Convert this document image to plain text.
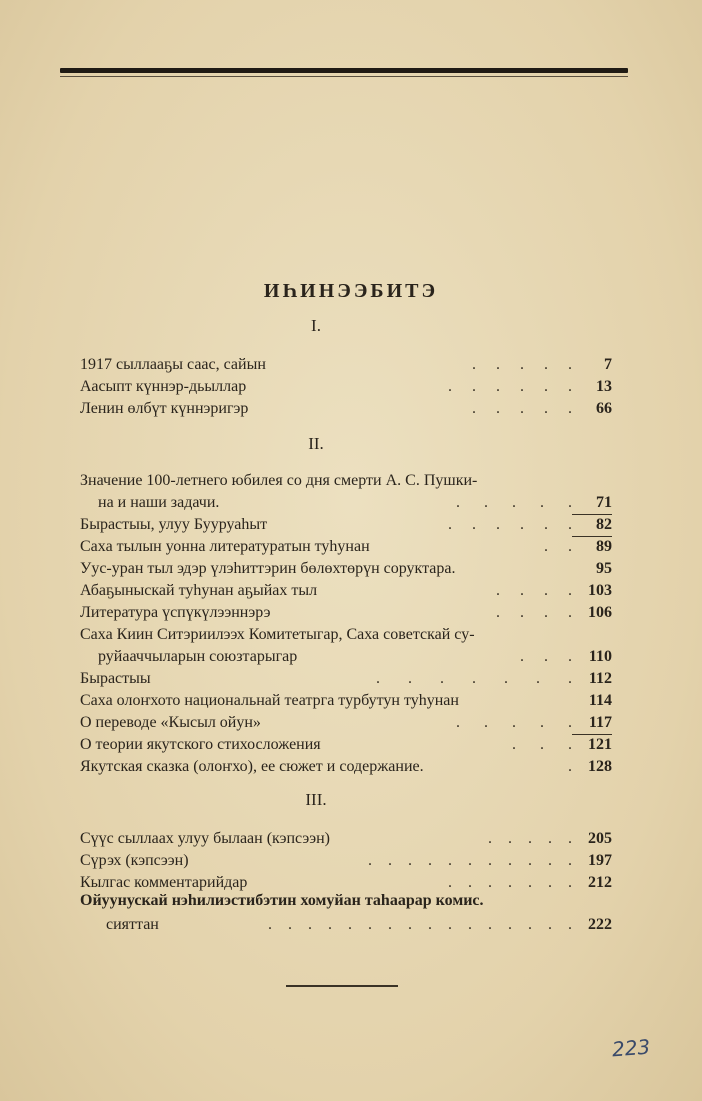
ИҺИНЭЭБИТЭ
I.
.     .     .     .     .
1917 сыллааҕы саас, сайын	7
.     .     .     .     .     .
Аасыпт күннэр-дьыллар	13
.     .     .     .     .
Ленин өлбүт күннэригэр	66
II.
Значение 100-летнего юбилея со дня смерти А. С. Пушки-
.      .      .      .      .
на и наши задачи.	71
.     .     .     .     .     .
Бырастыы, улуу Бууруаһыт	82
.     .
Саха тылын уонна литературатын туһунан	89
Уус-уран тыл эдэр үлэһиттэрин бөлөхтөрүн соруктара.	95
.     .     .     .
Абаҕыныскай туһунан аҕыйах тыл	103
.     .     .     .
Литература үспүкүлээннэрэ	106
Саха Киин Ситэриилээх Комитетыгар, Саха советскай су-
.     .     .
руйааччыларын союзтарыгар	110
.       .       .       .       .       .       .
Бырастыы	112
Саха олоҥхото национальнай театрга турбутун туһунан	114
.      .      .      .      .
О переводе «Кысыл ойун»	117
.      .      .
О теории якутского стихосложения	121
.
Якутская сказка (олоҥхо), ее сюжет и содержание.	128
III.
.    .    .    .    .
Сүүс сыллаах улуу былаан (кэпсээн)	205
.    .    .    .    .    .    .    .    .    .    .
Сүрэх (кэпсээн)	197
.    .    .    .    .    .    .
Кылгас комментарийдар	212
Ойуунускай нэһилиэстибэтин хомуйан таһаарар комис.
.    .    .    .    .    .    .    .    .    .    .    .    .    .    .    .
сияттан	222
223
